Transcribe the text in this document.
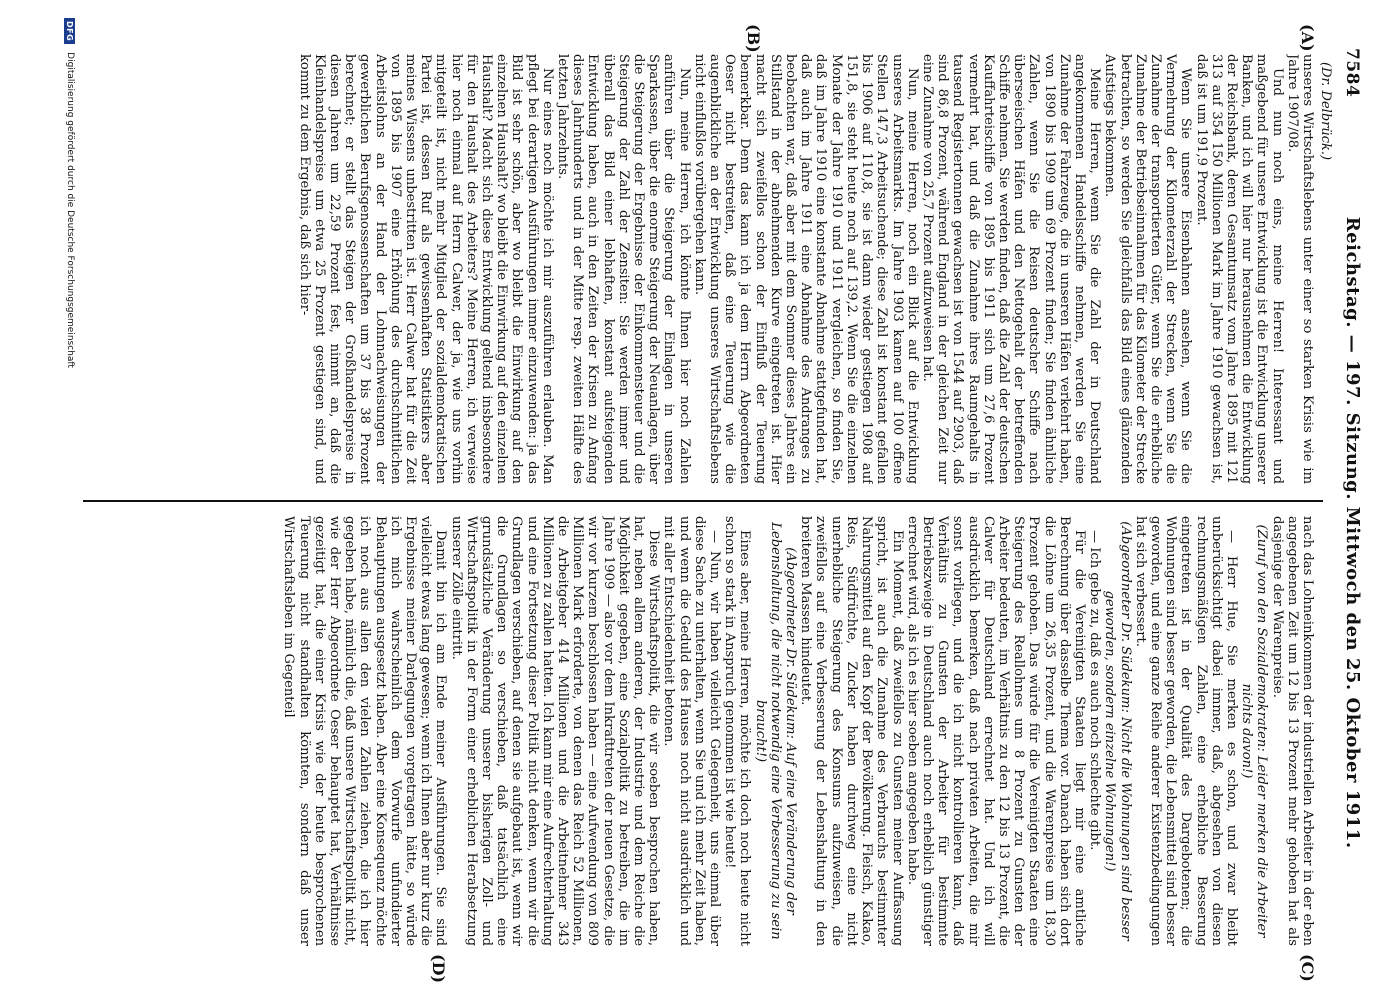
7584
Reichstag. — 197. Sitzung. Mittwoch den 25. Oktober 1911.
(Dr. Delbrück.)
(A)
(B)
(C)
(D)

unseres Wirtschaftslebens unter einer so starken Krisis wie im Jahre 1907/08.

Und nun noch eins, meine Herren! Interessant und maßgebend für unsere Entwicklung ist die Entwicklung unserer Banken, und ich will hier nur herausnehmen die Entwicklung der Reichsbank, deren Gesamtumsatz vom Jahre 1895 mit 121 313 auf 354 150 Millionen Mark im Jahre 1910 gewachsen ist, daß ist um 191,9 Prozent.

Wenn Sie unsere Eisenbahnen ansehen, wenn Sie die Vermehrung der Kilometerzahl der Strecken, wenn Sie die Zunahme der transportierten Güter, wenn Sie die erhebliche Zunahme der Betriebseinnahmen für das Kilometer der Strecke betrachten, so werden Sie gleichfalls das Bild eines glänzenden Aufstiegs bekommen.

Meine Herren, wenn Sie die Zahl der in Deutschland angekommenen Handelsschiffe nehmen, werden Sie eine Zunahme der Fahrzeuge, die in unseren Häfen verkehrt haben, von 1890 bis 1909 um 69 Prozent finden; Sie finden ähnliche Zahlen, wenn Sie die Reisen deutscher Schiffe nach überseeischen Häfen und den Nettogehalt der betreffenden Schiffe nehmen. Sie werden finden, daß die Zahl der deutschen Kauffahrteischiffe von 1895 bis 1911 sich um 27,6 Prozent vermehrt hat, und daß die Zunahme ihres Raumgehalts in tausend Registertonnen gewachsen ist von 1544 auf 2903, daß sind 86,8 Prozent, während England in der gleichen Zeit nur eine Zunahme von 25,7 Prozent aufzuweisen hat.

Nun, meine Herren, noch ein Blick auf die Entwicklung unseres Arbeitsmarkts. Im Jahre 1903 kamen auf 100 offene Stellen 147,3 Arbeitsuchende; diese Zahl ist konstant gefallen bis 1906 auf 110,8, sie ist dann wieder gestiegen 1908 auf 151,8, sie steht heute noch auf 139,2. Wenn Sie die einzelnen Monate der Jahre 1910 und 1911 vergleichen, so finden Sie, daß im Jahre 1910 eine konstante Abnahme stattgefunden hat, daß auch im Jahre 1911 eine Abnahme des Andranges zu beobachten war, daß aber mit dem Sommer dieses Jahres ein Stillstand in der abnehmenden Kurve eingetreten ist. Hier macht sich zweifellos schon der Einfluß der Teuerung bemerkbar. Denn das kann ich ja dem Herrn Abgeordneten Oeser nicht bestreiten, daß eine Teuerung wie die augenblickliche an der Entwicklung unseres Wirtschaftslebens nicht einflußlos vorübergehen kann.

Nun, meine Herren, ich könnte Ihnen hier noch Zahlen anführen über die Steigerung der Einlagen in unseren Sparkassen, über die enorme Steigerung der Neuanlagen, über die Steigerung der Ergebnisse der Einkommensteuer und die Steigerung der Zahl der Zensiten: Sie werden immer und überall das Bild einer lebhaften, konstant aufsteigenden Entwicklung haben, auch in den Zeiten der Krisen zu Anfang dieses Jahrhunderts und in der Mitte resp. zweiten Hälfte des letzten Jahrzehnts.

Nur eines noch möchte ich mir auszuführen erlauben. Man pflegt bei derartigen Ausführungen immer einzuwenden: ja das Bild ist sehr schön, aber wo bleibt die Einwirkung auf den einzelnen Haushalt? wo bleibt die Einwirkung auf den einzelnen Haushalt? Macht sich diese Entwicklung geltend insbesondere für den Haushalt des Arbeiters? Meine Herren, ich verweise hier noch einmal auf Herrn Calwer, der ja, wie uns vorhin mitgeteilt ist, nicht mehr Mitglied der sozialdemokratischen Partei ist, dessen Ruf als gewissenhaften Statistikers aber meines Wissens unbestritten ist. Herr Calwer hat für die Zeit von 1895 bis 1907 eine Erhöhung des durchschnittlichen Arbeitslohns an der Hand der Lohnnachweisungen der gewerblichen Berufsgenossenschaften um 37 bis 38 Prozent berechnet; er stellt das Steigen der Großhandelspreise in diesen Jahren um 22,59 Prozent fest, nimmt an, daß die Kleinhandelspreise um etwa 25 Prozent gestiegen sind, und kommt zu dem Ergebnis, daß sich hier-

nach das Lohneinkommen der industriellen Arbeiter in der eben angegebenen Zeit um 12 bis 13 Prozent mehr gehoben hat als dasjenige der Warenpreise.

(Zuruf von den Sozialdemokraten: Leider merken die Arbeiter nichts davon!)

— Herr Hue, Sie merken es schon, und zwar bleibt unberücksichtigt dabei immer, daß, abgesehen von diesen rechnungsmäßigen Zahlen, eine erhebliche Besserung eingetreten ist in der Qualität des Dargebotenen; die Wohnungen sind besser geworden, die Lebensmittel sind besser geworden, und eine ganze Reihe anderer Existenzbedingungen hat sich verbessert.

(Abgeordneter Dr. Südekum: Nicht die Wohnungen sind besser geworden, sondern einzelne Wohnungen!)

— Ich gebe zu, daß es auch noch schlechte gibt.

Für die Vereinigten Staaten liegt mir eine amtliche Berechnung über dasselbe Thema vor. Danach haben sich dort die Löhne um 26,35 Prozent, und die Warenpreise um 18,30 Prozent gehoben. Das würde für die Vereinigten Staaten eine Steigerung des Reallohnes um 8 Prozent zu Gunsten der Arbeiter bedeuten, im Verhältnis zu den 12 bis 13 Prozent, die Calwer für Deutschland errechnet hat. Und ich will ausdrücklich bemerken, daß nach privaten Arbeiten, die mir sonst vorliegen, und die ich nicht kontrollieren kann, daß Verhältnis zu Gunsten der Arbeiter für bestimmte Betriebszweige in Deutschland auch noch erheblich günstiger errechnet wird, als ich es hier soeben angegeben habe.

Ein Moment, daß zweifellos zu Gunsten meiner Auffassung spricht, ist auch die Zunahme des Verbrauchs bestimmter Nahrungsmittel auf den Kopf der Bevölkerung. Fleisch, Kakao, Reis, Südfrüchte, Zucker haben durchweg eine nicht unerhebliche Steigerung des Konsums aufzuweisen, die zweifellos auf eine Verbesserung der Lebenshaltung in den breiteren Massen hindeutet.

(Abgeordneter Dr. Südekum: Auf eine Veränderung der Lebenshaltung, die nicht notwendig eine Verbesserung zu sein braucht!)

Eines aber, meine Herren, möchte ich doch noch heute nicht schon so stark in Anspruch genommen ist wie heute!

— Nun, wir haben vielleicht Gelegenheit, uns einmal über diese Sache zu unterhalten, wenn Sie und ich mehr Zeit haben, und wenn die Geduld des Hauses noch nicht ausdrücklich und mit aller Entschiedenheit betonen.

Diese Wirtschaftspolitik, die wir soeben besprochen haben, hat, neben allem anderen, der Industrie und dem Reiche die Möglichkeit gegeben, eine Sozialpolitik zu betreiben, die im Jahre 1909 — also vor dem Inkrafttreten der neuen Gesetze, die wir vor kurzem beschlossen haben — eine Aufwendung von 809 Millionen Mark erforderte, von denen das Reich 52 Millionen, die Arbeitgeber 414 Millionen und die Arbeitnehmer 343 Millionen zu zahlen hatten. Ich kann mir eine Aufrechterhaltung und eine Fortsetzung dieser Politik nicht denken, wenn wir die Grundlagen verschieben, auf denen sie aufgebaut ist, wenn wir die Grundlagen so verschieben, daß tatsächlich eine grundsätzliche Veränderung unserer bisherigen Zoll- und Wirtschaftspolitik in der Form einer erheblichen Herabsetzung unserer Zölle eintritt.

Damit bin ich am Ende meiner Ausführungen. Sie sind vielleicht etwas lang gewesen; wenn ich Ihnen aber nur kurz die Ergebnisse meiner Darlegungen vorgetragen hätte, so würde ich mich wahrscheinlich dem Vorwurfe unfundierter Behauptungen ausgesetzt haben. Aber eine Konsequenz möchte ich noch aus allen den vielen Zahlen ziehen, die ich hier gegeben habe, nämlich die, daß unsere Wirtschaftspolitik nicht, wie der Herr Abgeordnete Oeser behauptet hat, Verhältnisse gezeitigt hat, die einer Krisis wie der heute besprochenen Teuerung nicht standhalten könnten, sondern daß unser Wirtschaftsleben im Gegenteil

DFG
Digitalisierung gefördert durch die Deutsche Forschungsgemeinschaft
